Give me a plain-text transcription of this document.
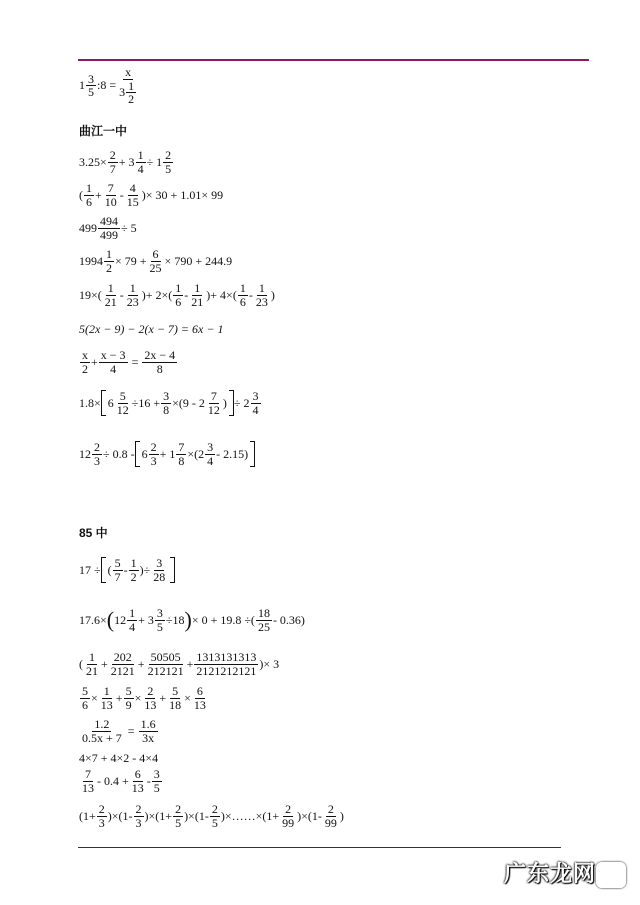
1 3
5 :8 = x
3 1
2
曲江一中
$3.25\times \frac{2}{7} + 3 \frac{1}{4} \div 1$ 2
5
( 1
$6 + \frac{7}{10} - 4$
15 )× 30 + 1.01× 99
$499 \frac{494}{499} \div 5$
$1994 \frac{1}{2} \times 79 + \frac{6}{25} \times 790 + 244.9$
19×( 1
21 - 1
23 )+ 2×( 1
6 - 1
21 )+ 4×( 1
6 - 1
23 )
5(2x − 9) − 2(x − 7) = 6x − 1
x
$2 + \frac{x - 3}{4} = \frac{2x - 4}{8}$
$1.8\times 6 \frac{5}{12} \div 16 + \frac{3}{8} \times(9 - 2$ 7
12 ) ÷ 2 3
4
$12 \frac{2}{3} \div 0.8 - 6$ 2
$3 + 1 \frac{7}{8} \times(2$ 3
4 - 2.15)
85 中
17 ÷ ( 5
7 - 1
2 )÷ $\frac{3}{28}$
17.6× ( 12 1
$4 + 3 \frac{3}{5} \div 18$ ) × 0 + 19.8 ÷( 18
25 - 0.36)
( 1
$21 + \frac{202}{2121} + \frac{50505}{212121} + \frac{1313131313}{2121212121}$ )× 3
$\frac{5}{6} \times \frac{1}{13} + \frac{5}{9} \times \frac{2}{13} + \frac{5}{18} \times \frac{6}{13}$
$\frac{1.2}{0.5x + 7} = \frac{1.6}{3x}$
4×7 + 4×2 - 4×4
7
$13 - 0.4 + \frac{6}{13} - 3$
5
$(1+ \frac{2}{3} )\times(1-$ 2
3 )$\times(1+ \frac{2}{5} )\times(1-$ 2
5 )×……×(1+ $\frac{2}{99} )\times(1-$ 2
99 )
广东龙网
